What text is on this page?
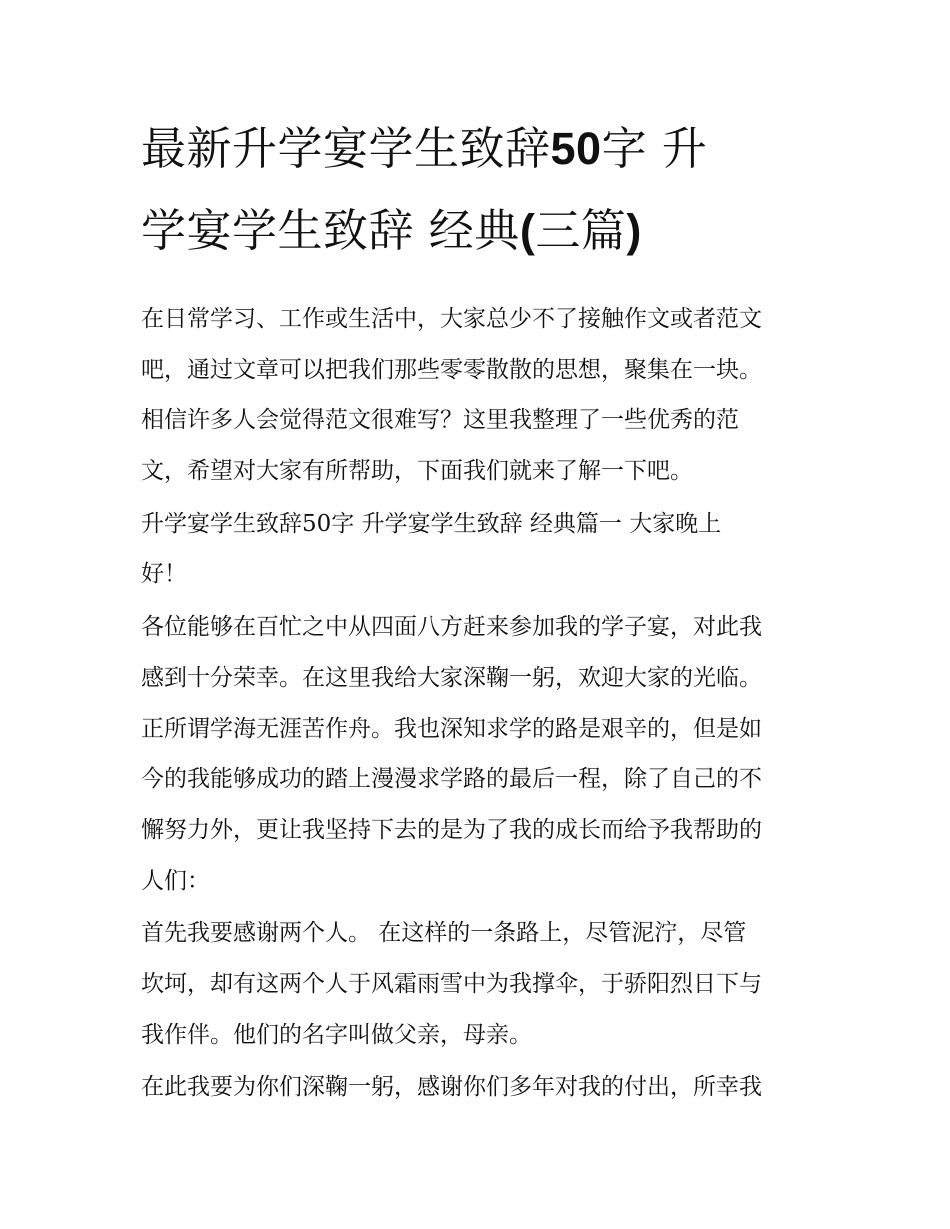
最新升学宴学生致辞50字 升
学宴学生致辞 经典(三篇)
在日常学习、工作或生活中，大家总少不了接触作文或者范文
吧，通过文章可以把我们那些零零散散的思想，聚集在一块。
相信许多人会觉得范文很难写？这里我整理了一些优秀的范
文，希望对大家有所帮助，下面我们就来了解一下吧。
升学宴学生致辞50字 升学宴学生致辞 经典篇一 大家晚上
好！
各位能够在百忙之中从四面八方赶来参加我的学子宴，对此我
感到十分荣幸。在这里我给大家深鞠一躬，欢迎大家的光临。
正所谓学海无涯苦作舟。我也深知求学的路是艰辛的，但是如
今的我能够成功的踏上漫漫求学路的最后一程，除了自己的不
懈努力外，更让我坚持下去的是为了我的成长而给予我帮助的
人们：
首先我要感谢两个人。 在这样的一条路上，尽管泥泞，尽管
坎坷，却有这两个人于风霜雨雪中为我撑伞，于骄阳烈日下与
我作伴。他们的名字叫做父亲，母亲。
在此我要为你们深鞠一躬，感谢你们多年对我的付出，所幸我
